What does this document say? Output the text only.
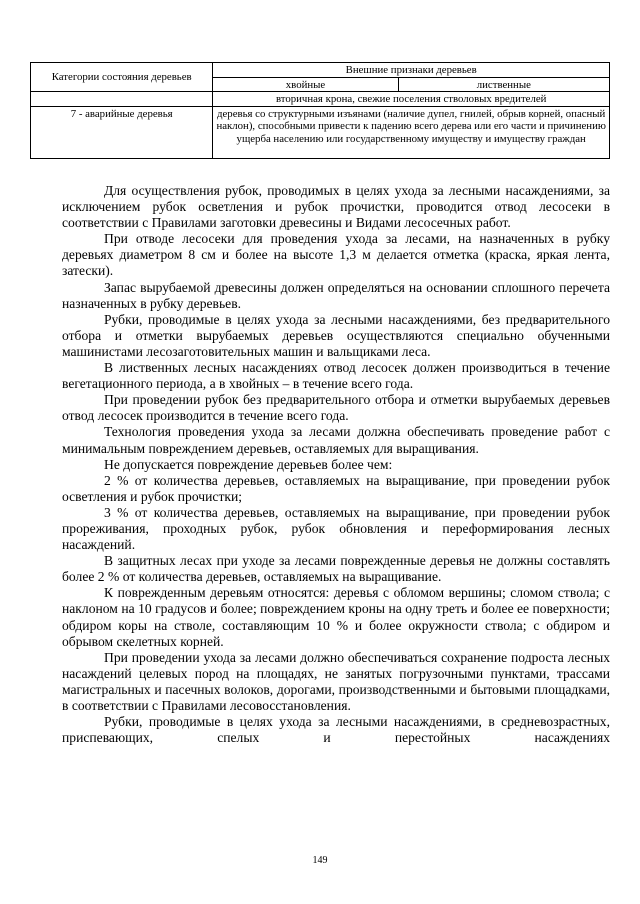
Категории состояния деревьев	Внешние признаки деревьев	
	хвойные	лиственные
	вторичная крона, свежие поселения стволовых вредителей	
7 - аварийные деревья	деревья со структурными изъянами (наличие дупел, гнилей, обрыв корней, опасный наклон), способными привести к падению всего дерева или его части и причинению ущерба населению или государственному имуществу и имуществу граждан	

Для осуществления рубок, проводимых в целях ухода за лесными насаждениями, за исключением рубок осветления и рубок прочистки, проводится отвод лесосеки в соответствии с Правилами заготовки древесины и Видами лесосечных работ.

При отводе лесосеки для проведения ухода за лесами, на назначенных в рубку деревьях диаметром 8 см и более на высоте 1,3 м делается отметка (краска, яркая лента, затески).

Запас вырубаемой древесины должен определяться на основании сплошного перечета назначенных в рубку деревьев.

Рубки, проводимые в целях ухода за лесными насаждениями, без предварительного отбора и отметки вырубаемых деревьев осуществляются специально обученными машинистами лесозаготовительных машин и вальщиками леса.

В лиственных лесных насаждениях отвод лесосек должен производиться в течение вегетационного периода, а в хвойных – в течение всего года.

При проведении рубок без предварительного отбора и отметки вырубаемых деревьев отвод лесосек производится в течение всего года.

Технология проведения ухода за лесами должна обеспечивать проведение работ с минимальным повреждением деревьев, оставляемых для выращивания.

Не допускается повреждение деревьев более чем:

2 % от количества деревьев, оставляемых на выращивание, при проведении рубок осветления и рубок прочистки;

3 % от количества деревьев, оставляемых на выращивание, при проведении рубок прореживания, проходных рубок, рубок обновления и переформирования лесных насаждений.

В защитных лесах при уходе за лесами поврежденные деревья не должны составлять более 2 % от количества деревьев, оставляемых на выращивание.

К поврежденным деревьям относятся: деревья с обломом вершины; сломом ствола; с наклоном на 10 градусов и более; повреждением кроны на одну треть и более ее поверхности; обдиром коры на стволе, составляющим 10 % и более окружности ствола; с обдиром и обрывом скелетных корней.

При проведении ухода за лесами должно обеспечиваться сохранение подроста лесных насаждений целевых пород на площадях, не занятых погрузочными пунктами, трассами магистральных и пасечных волоков, дорогами, производственными и бытовыми площадками, в соответствии с Правилами лесовосстановления.

Рубки, проводимые в целях ухода за лесными насаждениями, в средневозрастных, приспевающих, спелых и перестойных насаждениях

149
